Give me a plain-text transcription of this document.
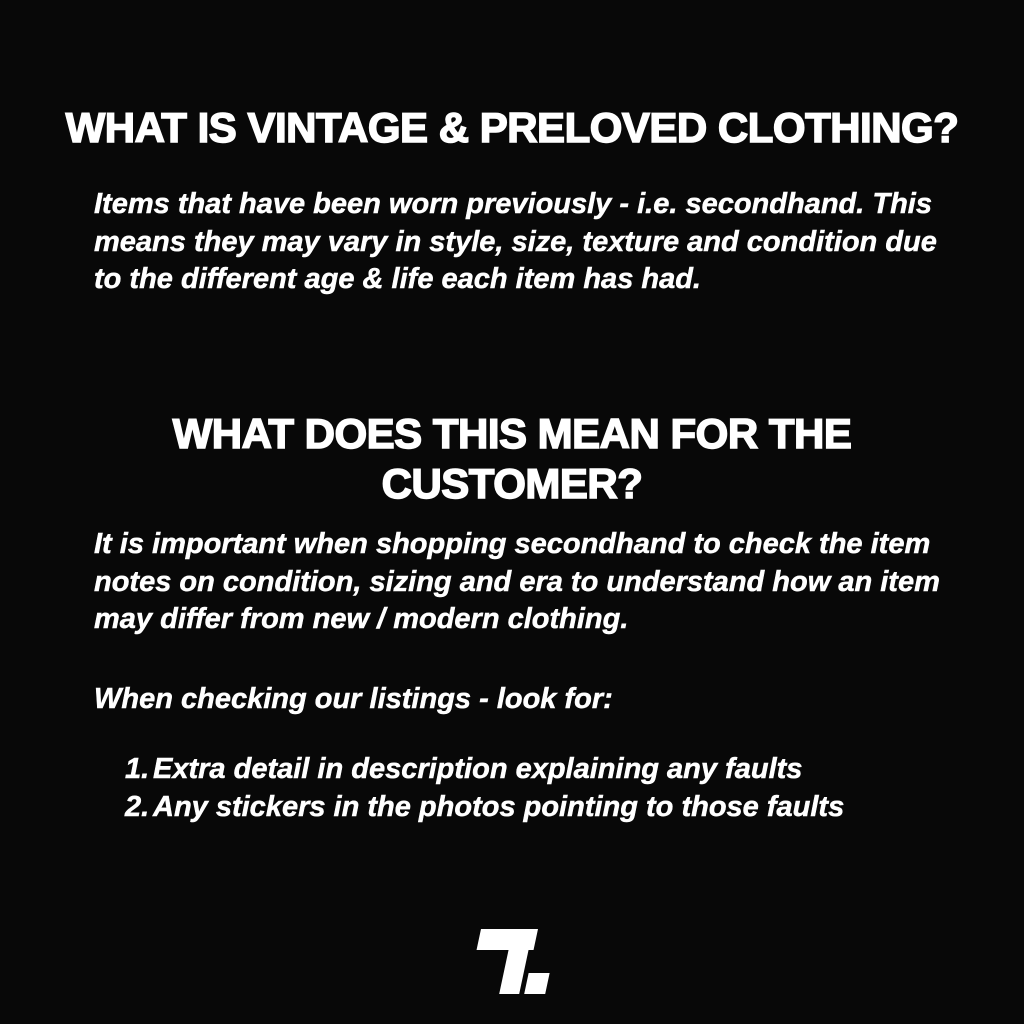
WHAT IS VINTAGE & PRELOVED CLOTHING?
Items that have been worn previously - i.e. secondhand. This
means they may vary in style, size, texture and condition due
to the different age & life each item has had.
WHAT DOES THIS MEAN FOR THE
CUSTOMER?
It is important when shopping secondhand to check the item
notes on condition, sizing and era to understand how an item
may differ from new / modern clothing.
When checking our listings - look for:
1. Extra detail in description explaining any faults
2. Any stickers in the photos pointing to those faults
